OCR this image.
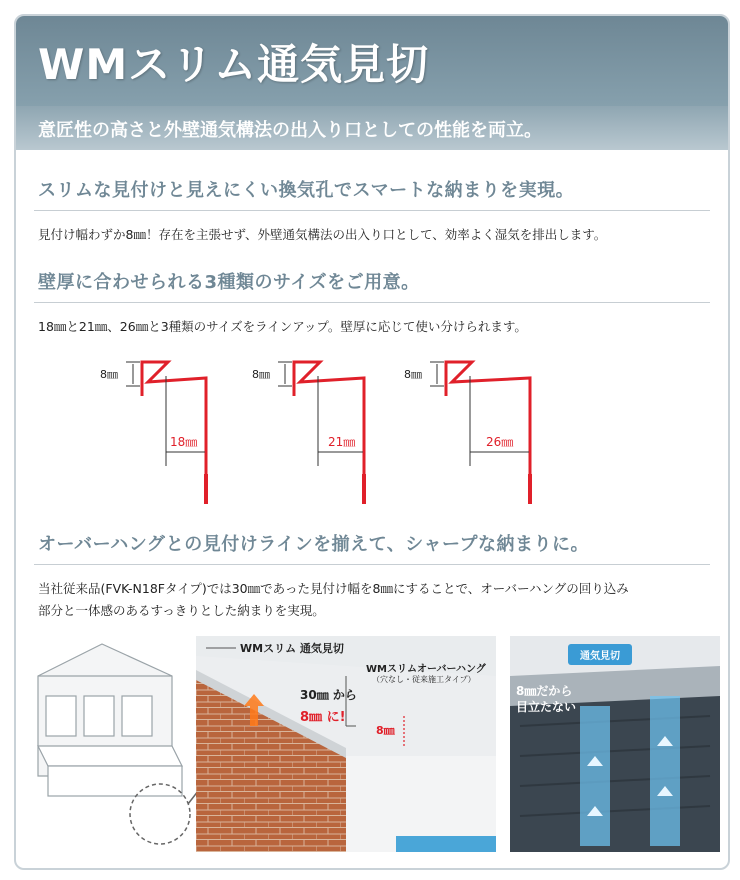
WMスリム通気見切
意匠性の高さと外壁通気構法の出入り口としての性能を両立。
スリムな見付けと見えにくい換気孔でスマートな納まりを実現。
見付け幅わずか8㎜！存在を主張せず、外壁通気構法の出入り口として、効率よく湿気を排出します。
壁厚に合わせられる3種類のサイズをご用意。
18㎜と21㎜、26㎜と3種類のサイズをラインアップ。壁厚に応じて使い分けられます。
8㎜
18㎜
8㎜
21㎜
8㎜
26㎜
オーバーハングとの見付けラインを揃えて、シャープな納まりに。
当社従来品(FVK-N18Fタイプ)では30㎜であった見付け幅を8㎜にすることで、オーバーハングの回り込み
部分と一体感のあるすっきりとした納まりを実現。
WMスリム 通気見切
30㎜ から
8㎜ に!
WMスリムオーバーハング
（穴なし・従来施工タイプ）
8㎜
通気見切
8㎜だから
目立たない
